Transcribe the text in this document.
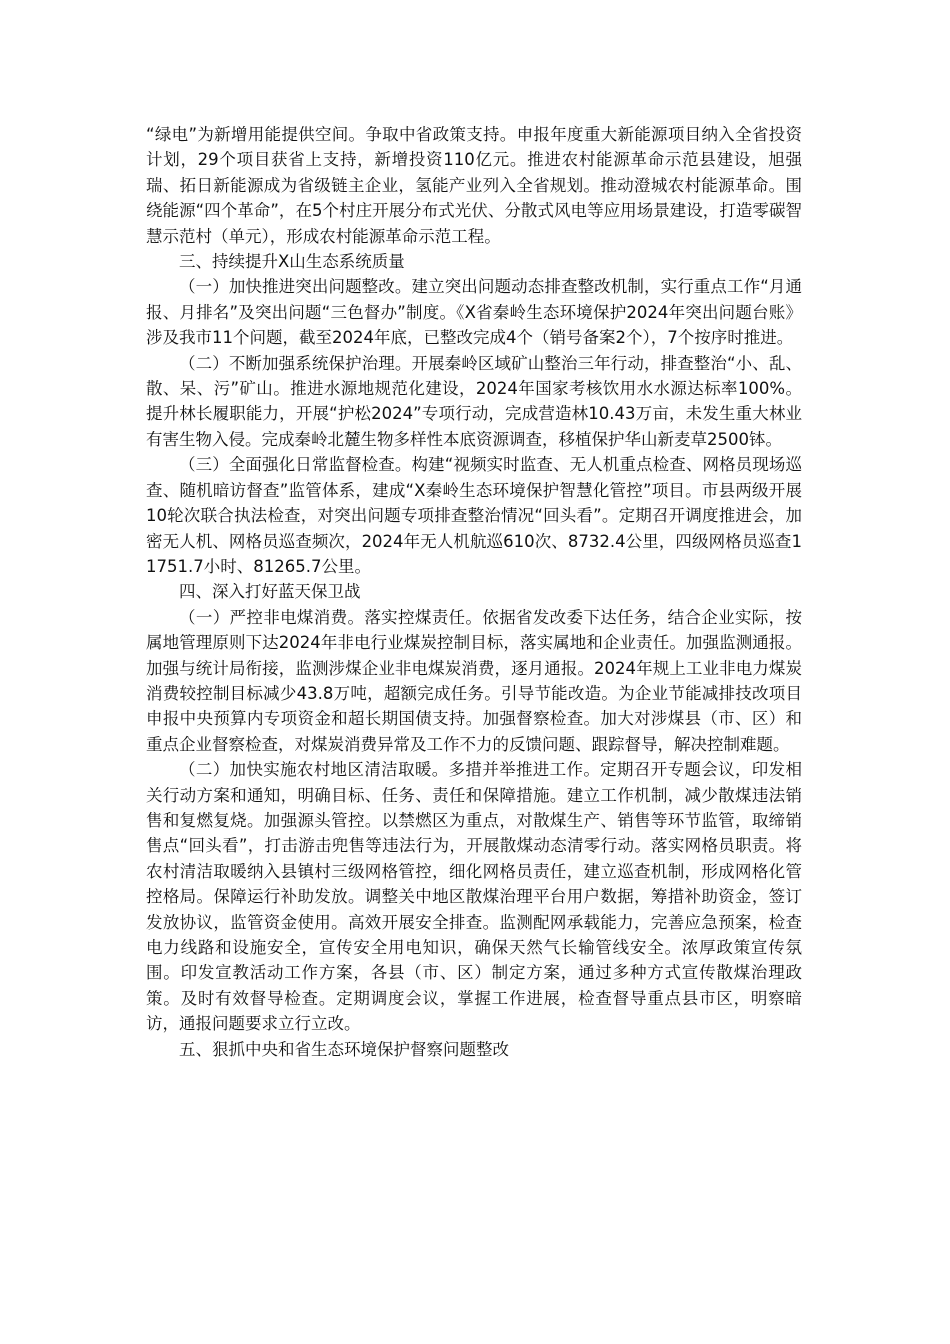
“绿电”为新增用能提供空间。争取中省政策支持。申报年度重大新能源项目纳入全省投资计划，29个项目获省上支持，新增投资110亿元。推进农村能源革命示范县建设，旭强瑞、拓日新能源成为省级链主企业，氢能产业列入全省规划。推动澄城农村能源革命。围绕能源“四个革命”，在5个村庄开展分布式光伏、分散式风电等应用场景建设，打造零碳智慧示范村（单元），形成农村能源革命示范工程。

三、持续提升X山生态系统质量

（一）加快推进突出问题整改。建立突出问题动态排查整改机制，实行重点工作“月通报、月排名”及突出问题“三色督办”制度。《X省秦岭生态环境保护2024年突出问题台账》涉及我市11个问题，截至2024年底，已整改完成4个（销号备案2个），7个按序时推进。

（二）不断加强系统保护治理。开展秦岭区域矿山整治三年行动，排查整治“小、乱、散、呆、污”矿山。推进水源地规范化建设，2024年国家考核饮用水水源达标率100%。提升林长履职能力，开展“护松2024”专项行动，完成营造林10.43万亩，未发生重大林业有害生物入侵。完成秦岭北麓生物多样性本底资源调查，移植保护华山新麦草2500钵。

（三）全面强化日常监督检查。构建“视频实时监查、无人机重点检查、网格员现场巡查、随机暗访督查”监管体系，建成“X秦岭生态环境保护智慧化管控”项目。市县两级开展10轮次联合执法检查，对突出问题专项排查整治情况“回头看”。定期召开调度推进会，加密无人机、网格员巡查频次，2024年无人机航巡610次、8732.4公里，四级网格员巡查11751.7小时、81265.7公里。

四、深入打好蓝天保卫战

（一）严控非电煤消费。落实控煤责任。依据省发改委下达任务，结合企业实际，按属地管理原则下达2024年非电行业煤炭控制目标，落实属地和企业责任。加强监测通报。加强与统计局衔接，监测涉煤企业非电煤炭消费，逐月通报。2024年规上工业非电力煤炭消费较控制目标减少43.8万吨，超额完成任务。引导节能改造。为企业节能减排技改项目申报中央预算内专项资金和超长期国债支持。加强督察检查。加大对涉煤县（市、区）和重点企业督察检查，对煤炭消费异常及工作不力的反馈问题、跟踪督导，解决控制难题。

（二）加快实施农村地区清洁取暖。多措并举推进工作。定期召开专题会议，印发相关行动方案和通知，明确目标、任务、责任和保障措施。建立工作机制，减少散煤违法销售和复燃复烧。加强源头管控。以禁燃区为重点，对散煤生产、销售等环节监管，取缔销售点“回头看”，打击游击兜售等违法行为，开展散煤动态清零行动。落实网格员职责。将农村清洁取暖纳入县镇村三级网格管控，细化网格员责任，建立巡查机制，形成网格化管控格局。保障运行补助发放。调整关中地区散煤治理平台用户数据，筹措补助资金，签订发放协议，监管资金使用。高效开展安全排查。监测配网承载能力，完善应急预案，检查电力线路和设施安全，宣传安全用电知识，确保天然气长输管线安全。浓厚政策宣传氛围。印发宣教活动工作方案，各县（市、区）制定方案，通过多种方式宣传散煤治理政策。及时有效督导检查。定期调度会议，掌握工作进展，检查督导重点县市区，明察暗访，通报问题要求立行立改。

五、狠抓中央和省生态环境保护督察问题整改
